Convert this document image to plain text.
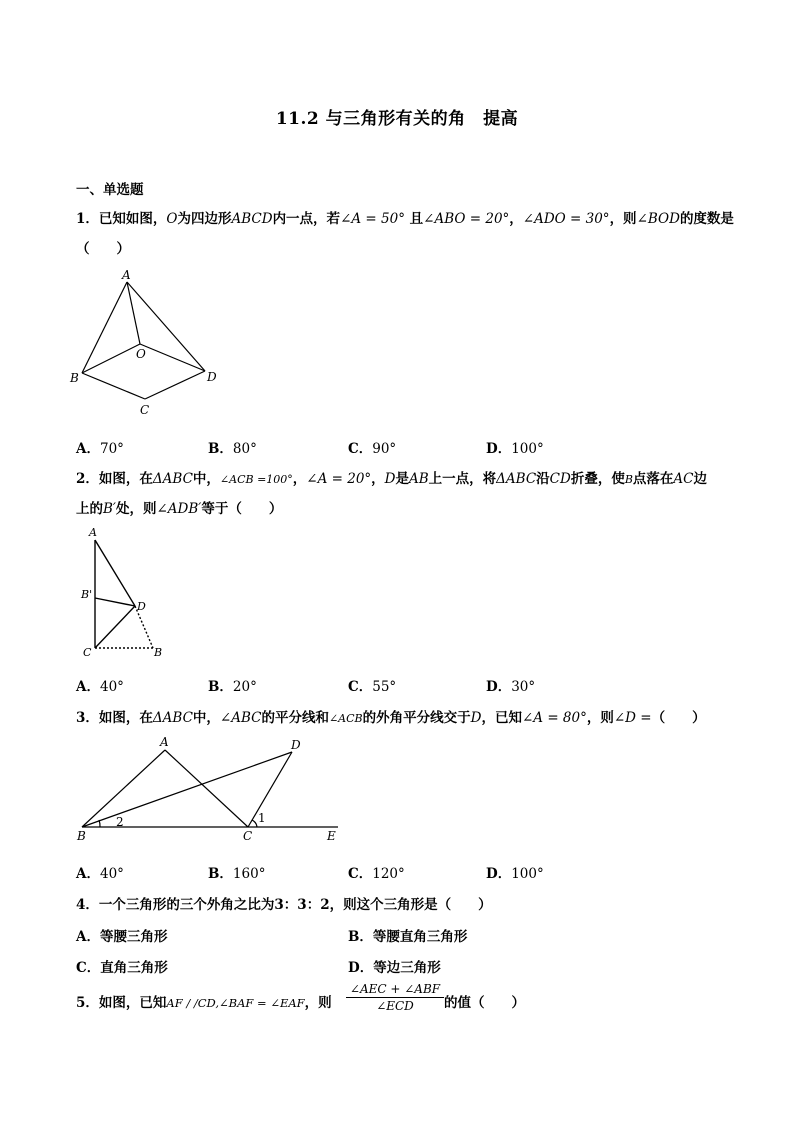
11.2 与三角形有关的角　提高
一、单选题
1．已知如图，O为四边形ABCD内一点，若∠A = 50° 且∠ABO = 20°，∠ADO = 30°，则∠BOD的度数是
（　　）
A
O
B	D
C
A．70°	B．80°	C．90°	D．100°
2．如图，在ΔABC中，∠ACB =100°，∠A = 20°，D是AB上一点，将ΔABC沿CD折叠，使B点落在AC边
上的B′处，则∠ADB′等于（　　）
A
B'
D
C	B
A．40°	B．20°	C．55°	D．30°
3．如图，在ΔABC中，∠ABC的平分线和∠ACB的外角平分线交于D，已知∠A = 80°，则∠D =（　　）
A	D
B	C	E
1
2
A．40°	B．160°	C．120°	D．100°
4．一个三角形的三个外角之比为3：3：2，则这个三角形是（　　）
A．等腰三角形	B．等腰直角三角形
C．直角三角形	D．等边三角形
5．如图，已知AF / /CD,∠BAF = ∠EAF，则
∠AEC + ∠ABF
∠ECD	的值（　　）
